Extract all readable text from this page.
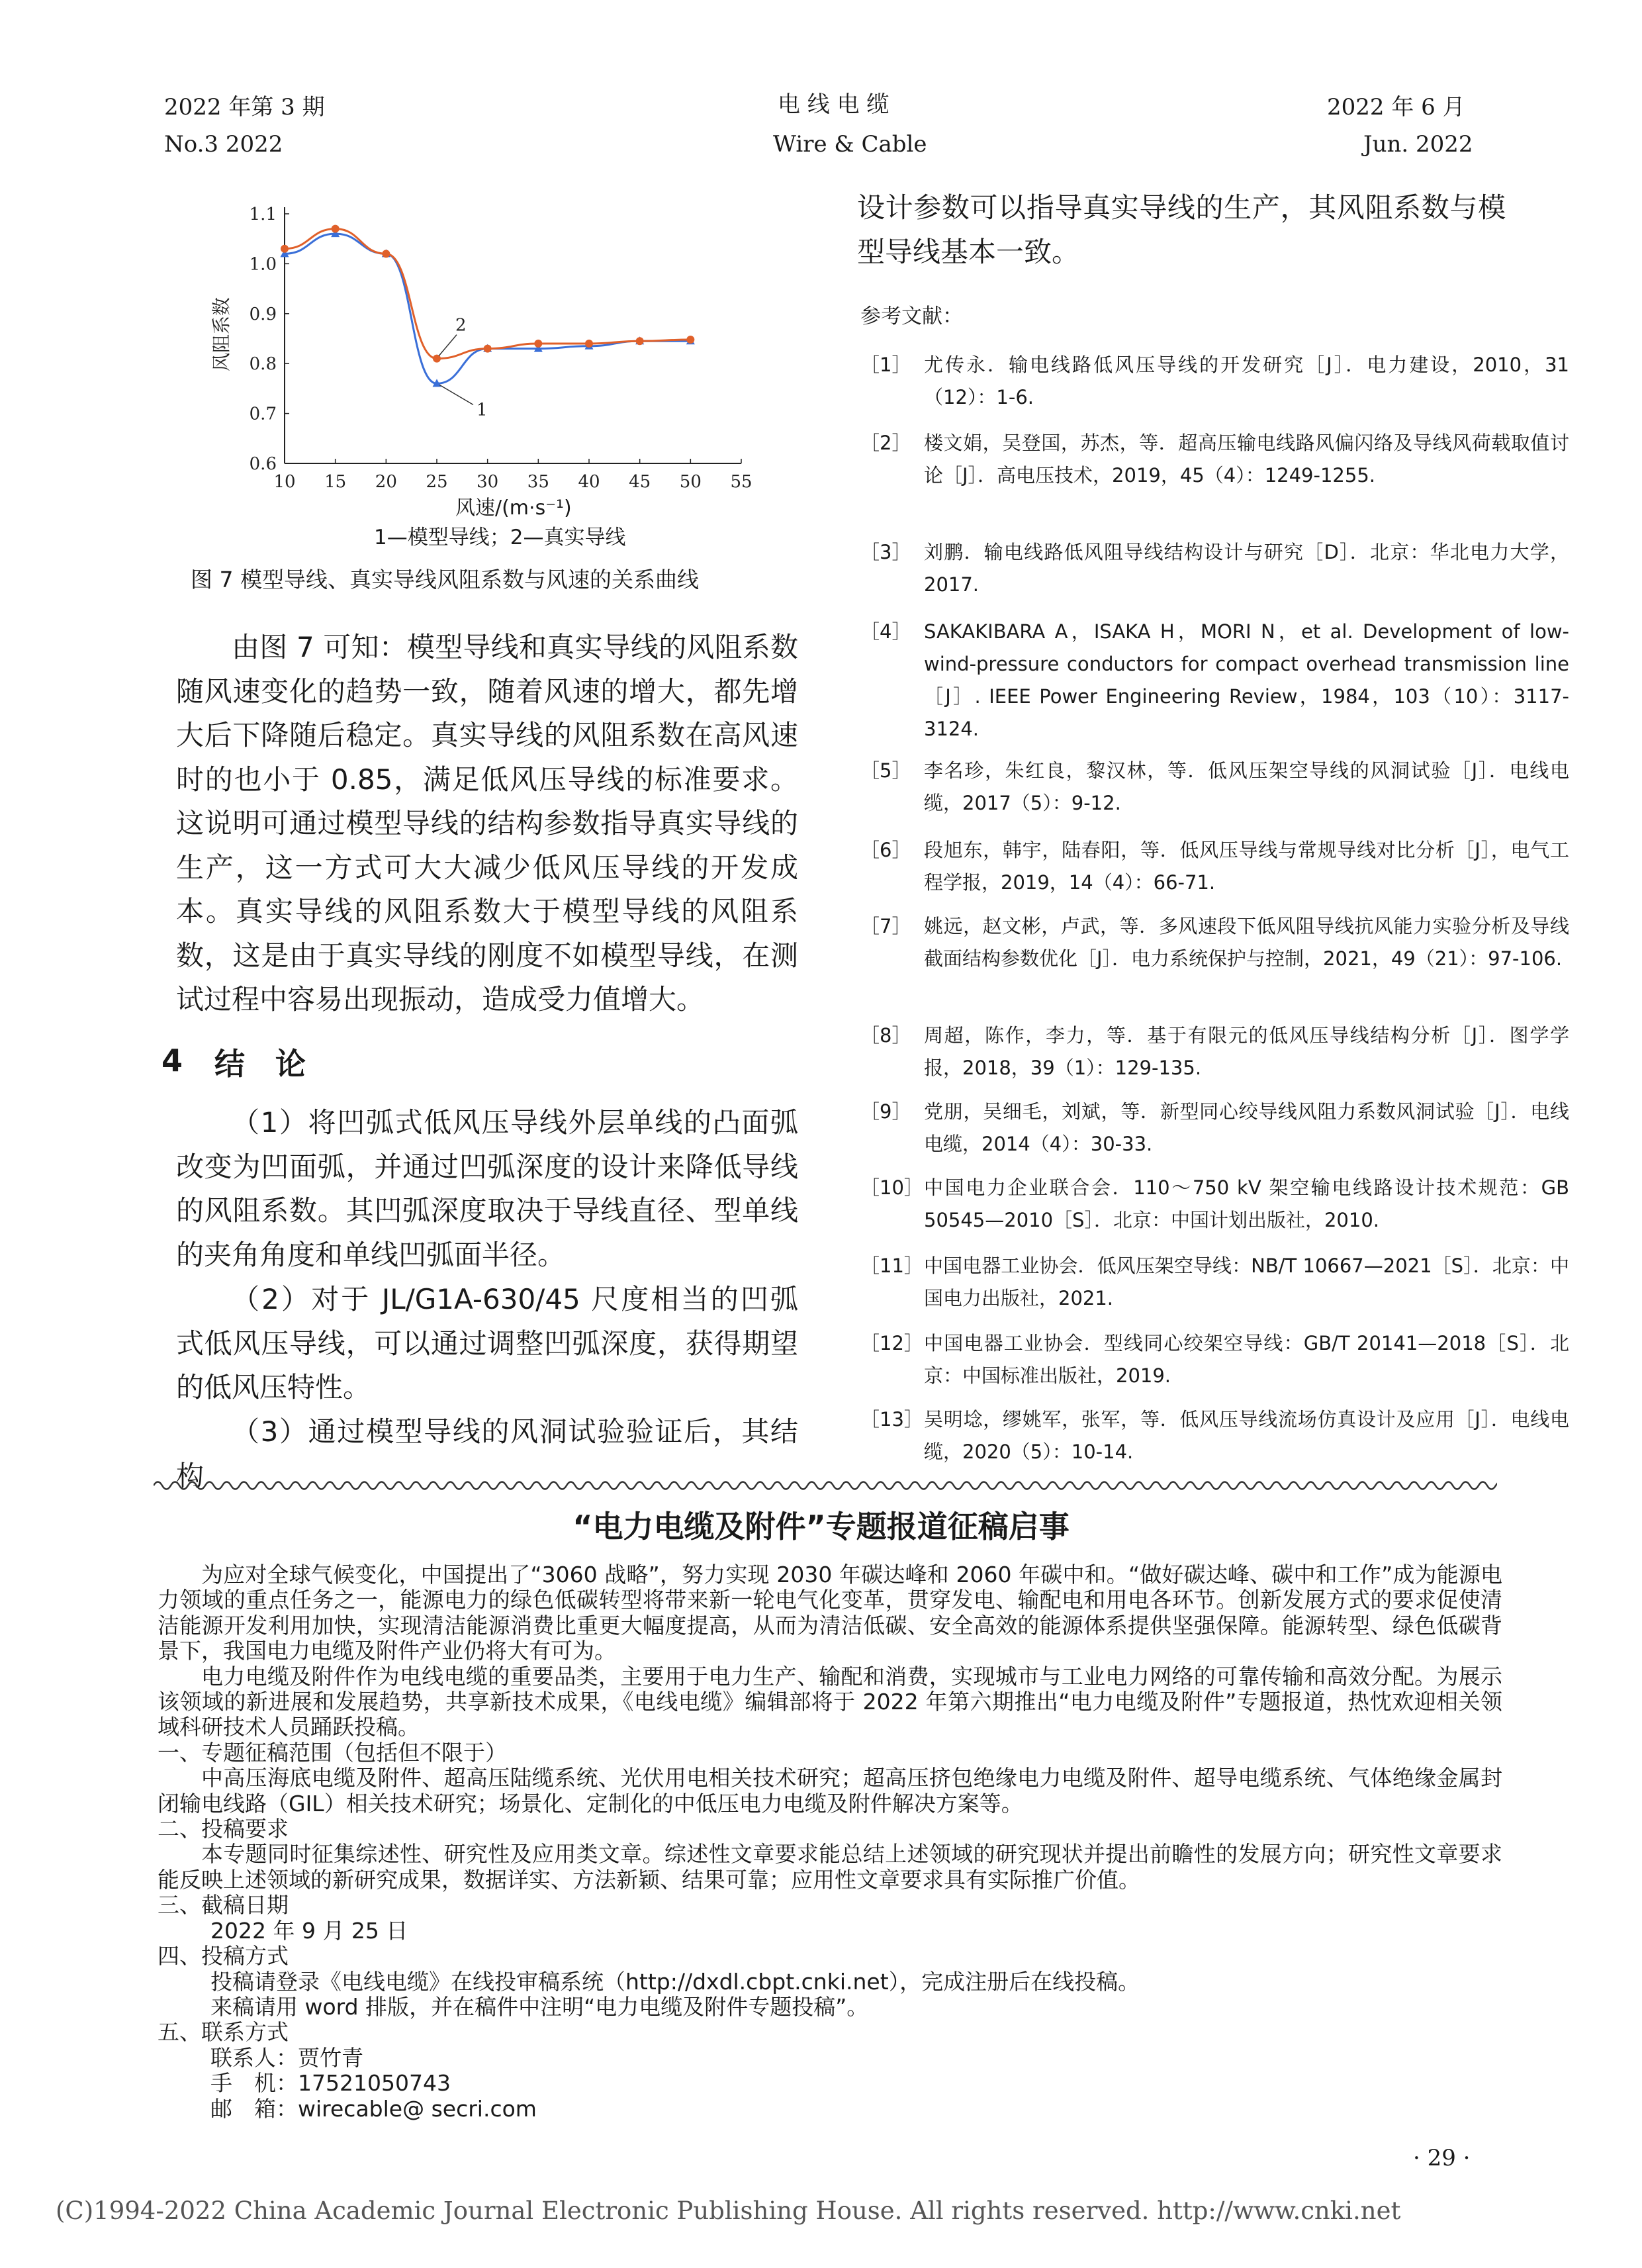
2022 年第 3 期
No.3 2022
电 线 电 缆
Wire & Cable
2022 年 6 月
Jun. 2022
10 15 20 25 30 35 40 45 50 55
0.6
0.7
0.8
0.9
1.0
1.1
1
2
风阻系数
风速/(m·s⁻¹)
1—模型导线；2—真实导线
图 7 模型导线、真实导线风阻系数与风速的关系曲线

由图 7 可知：模型导线和真实导线的风阻系数随风速变化的趋势一致，随着风速的增大，都先增大后下降随后稳定。真实导线的风阻系数在高风速时的也小于 0.85，满足低风压导线的标准要求。这说明可通过模型导线的结构参数指导真实导线的生产，这一方式可大大减少低风压导线的开发成本。真实导线的风阻系数大于模型导线的风阻系数，这是由于真实导线的刚度不如模型导线，在测试过程中容易出现振动，造成受力值增大。

4 结　论

（1）将凹弧式低风压导线外层单线的凸面弧改变为凹面弧，并通过凹弧深度的设计来降低导线的风阻系数。其凹弧深度取决于导线直径、型单线的夹角角度和单线凹弧面半径。

（2）对于 JL/G1A-630/45 尺度相当的凹弧式低风压导线，可以通过调整凹弧深度，获得期望的低风压特性。

（3）通过模型导线的风洞试验验证后，其结构

设计参数可以指导真实导线的生产，其风阻系数与模型导线基本一致。
参考文献：
［1］ 尤传永．输电线路低风压导线的开发研究［J］．电力建设，2010，31（12）：1-6.
［2］ 楼文娟，吴登国，苏杰，等．超高压输电线路风偏闪络及导线风荷载取值讨论［J］．高电压技术，2019，45（4）：1249-1255.
［3］ 刘鹏．输电线路低风阻导线结构设计与研究［D］．北京：华北电力大学，2017.
［4］ SAKAKIBARA A，ISAKA H，MORI N，et al. Development of low-wind-pressure conductors for compact overhead transmission line［J］. IEEE Power Engineering Review，1984，103（10）：3117-3124.
［5］ 李名珍，朱红良，黎汉林，等．低风压架空导线的风洞试验［J］．电线电缆，2017（5）：9-12.
［6］ 段旭东，韩宇，陆春阳，等．低风压导线与常规导线对比分析［J］，电气工程学报，2019，14（4）：66-71.
［7］ 姚远，赵文彬，卢武，等．多风速段下低风阻导线抗风能力实验分析及导线截面结构参数优化［J］．电力系统保护与控制，2021，49（21）：97-106.
［8］ 周超，陈作，李力，等．基于有限元的低风压导线结构分析［J］．图学学报，2018，39（1）：129-135.
［9］ 党朋，吴细毛，刘斌，等．新型同心绞导线风阻力系数风洞试验［J］．电线电缆，2014（4）：30-33.
［10］ 中国电力企业联合会．110～750 kV 架空输电线路设计技术规范：GB 50545—2010［S］．北京：中国计划出版社，2010.
［11］ 中国电器工业协会．低风压架空导线：NB/T 10667—2021［S］．北京：中国电力出版社，2021.
［12］ 中国电器工业协会．型线同心绞架空导线：GB/T 20141—2018［S］．北京：中国标准出版社，2019.
［13］ 吴明埝，缪姚军，张军，等．低风压导线流场仿真设计及应用［J］．电线电缆，2020（5）：10-14.
“电力电缆及附件”专题报道征稿启事
为应对全球气候变化，中国提出了“3060 战略”，努力实现 2030 年碳达峰和 2060 年碳中和。“做好碳达峰、碳中和工作”成为能源电力领域的重点任务之一，能源电力的绿色低碳转型将带来新一轮电气化变革，贯穿发电、输配电和用电各环节。创新发展方式的要求促使清洁能源开发利用加快，实现清洁能源消费比重更大幅度提高，从而为清洁低碳、安全高效的能源体系提供坚强保障。能源转型、绿色低碳背景下，我国电力电缆及附件产业仍将大有可为。
电力电缆及附件作为电线电缆的重要品类，主要用于电力生产、输配和消费，实现城市与工业电力网络的可靠传输和高效分配。为展示该领域的新进展和发展趋势，共享新技术成果，《电线电缆》编辑部将于 2022 年第六期推出“电力电缆及附件”专题报道，热忱欢迎相关领域科研技术人员踊跃投稿。
一、专题征稿范围（包括但不限于）
中高压海底电缆及附件、超高压陆缆系统、光伏用电相关技术研究；超高压挤包绝缘电力电缆及附件、超导电缆系统、气体绝缘金属封闭输电线路（GIL）相关技术研究；场景化、定制化的中低压电力电缆及附件解决方案等。
二、投稿要求
本专题同时征集综述性、研究性及应用类文章。综述性文章要求能总结上述领域的研究现状并提出前瞻性的发展方向；研究性文章要求能反映上述领域的新研究成果，数据详实、方法新颖、结果可靠；应用性文章要求具有实际推广价值。
三、截稿日期
2022 年 9 月 25 日
四、投稿方式
投稿请登录《电线电缆》在线投审稿系统（http://dxdl.cbpt.cnki.net），完成注册后在线投稿。
来稿请用 word 排版，并在稿件中注明“电力电缆及附件专题投稿”。
五、联系方式
联系人：贾竹青
手　机：17521050743
邮　箱：wirecable@ secri.com
· 29 ·
(C)1994-2022 China Academic Journal Electronic Publishing House. All rights reserved. http://www.cnki.net
